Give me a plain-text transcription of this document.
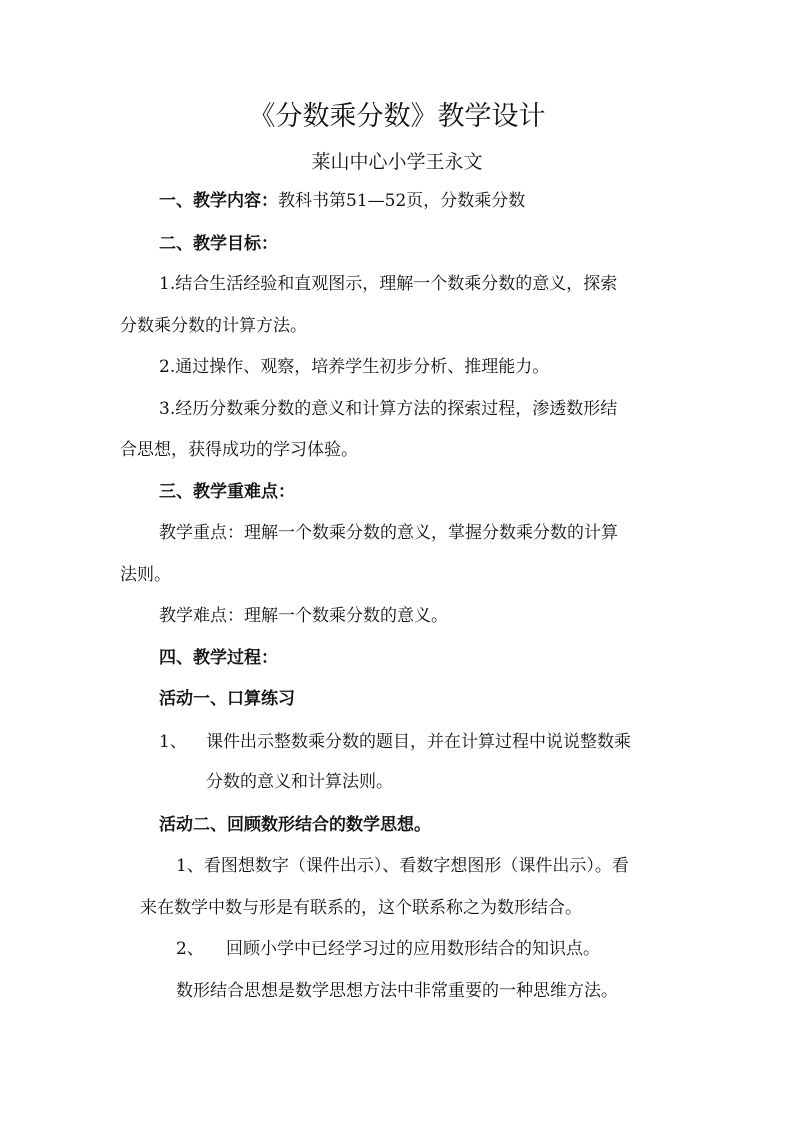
《分数乘分数》教学设计
莱山中心小学王永文
一、教学内容：教科书第51—52页，分数乘分数
二、教学目标：
1.结合生活经验和直观图示，理解一个数乘分数的意义，探索
分数乘分数的计算方法。
2.通过操作、观察，培养学生初步分析、推理能力。
3.经历分数乘分数的意义和计算方法的探索过程，渗透数形结
合思想，获得成功的学习体验。
三、教学重难点：
教学重点：理解一个数乘分数的意义，掌握分数乘分数的计算
法则。
教学难点：理解一个数乘分数的意义。
四、教学过程：
活动一、口算练习
1、 课件出示整数乘分数的题目，并在计算过程中说说整数乘
分数的意义和计算法则。
活动二、回顾数形结合的数学思想。
1、看图想数字（课件出示）、看数字想图形（课件出示）。看
来在数学中数与形是有联系的，这个联系称之为数形结合。
2、 回顾小学中已经学习过的应用数形结合的知识点。
数形结合思想是数学思想方法中非常重要的一种思维方法。
